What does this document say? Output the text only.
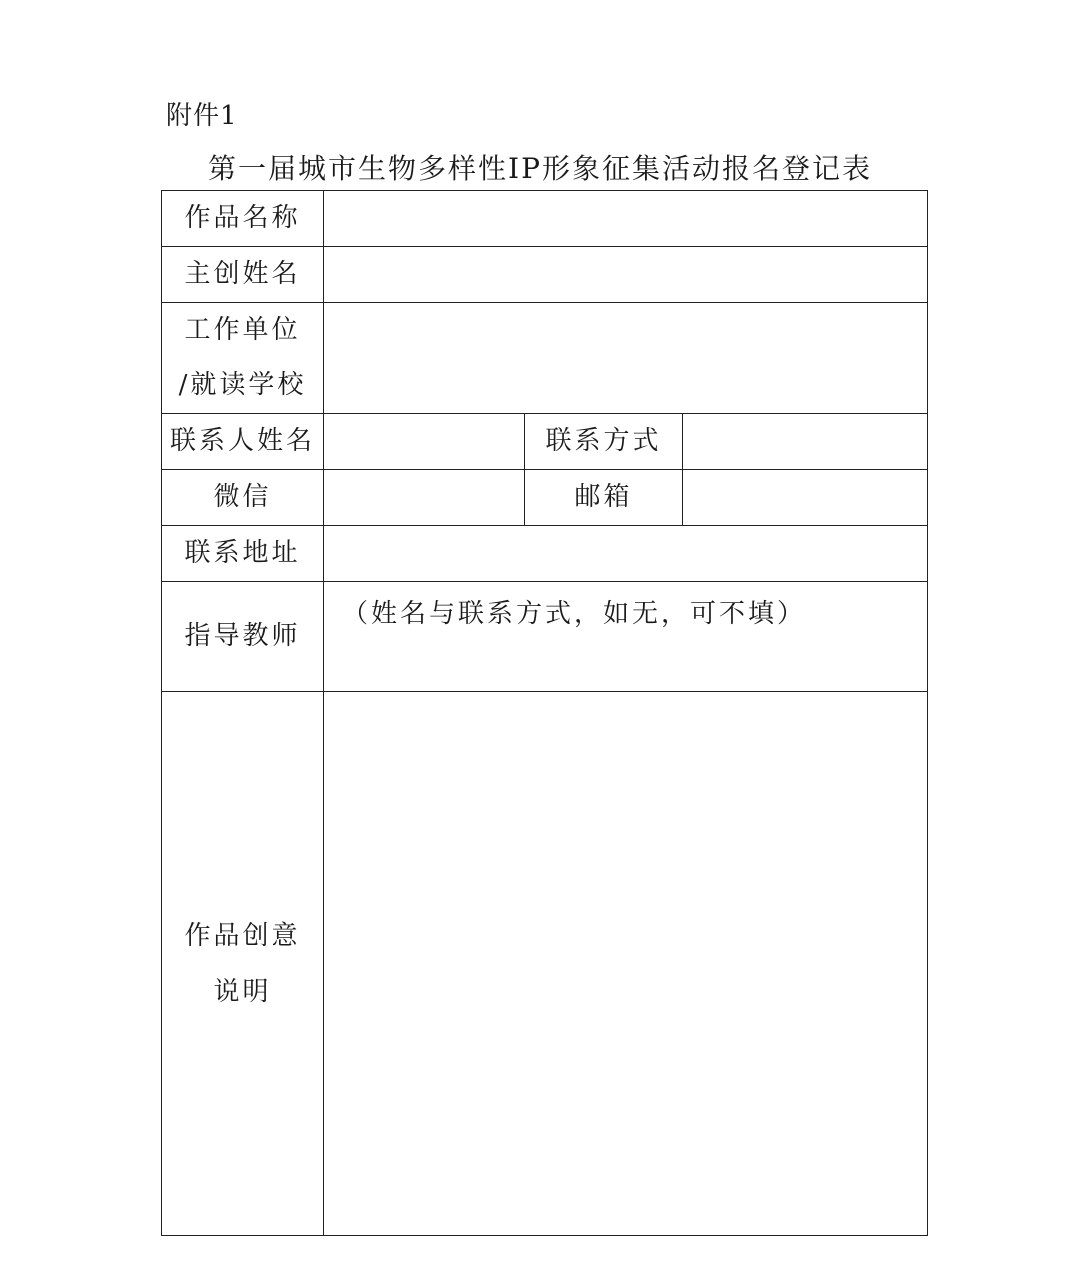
附件1
第一届城市生物多样性IP形象征集活动报名登记表
作品名称			
主创姓名			

工作单位
/就读学校			

联系人姓名		联系方式	
微信		邮箱	
联系地址			
指导教师	（姓名与联系方式，如无，可不填）		

作品创意
说明			
